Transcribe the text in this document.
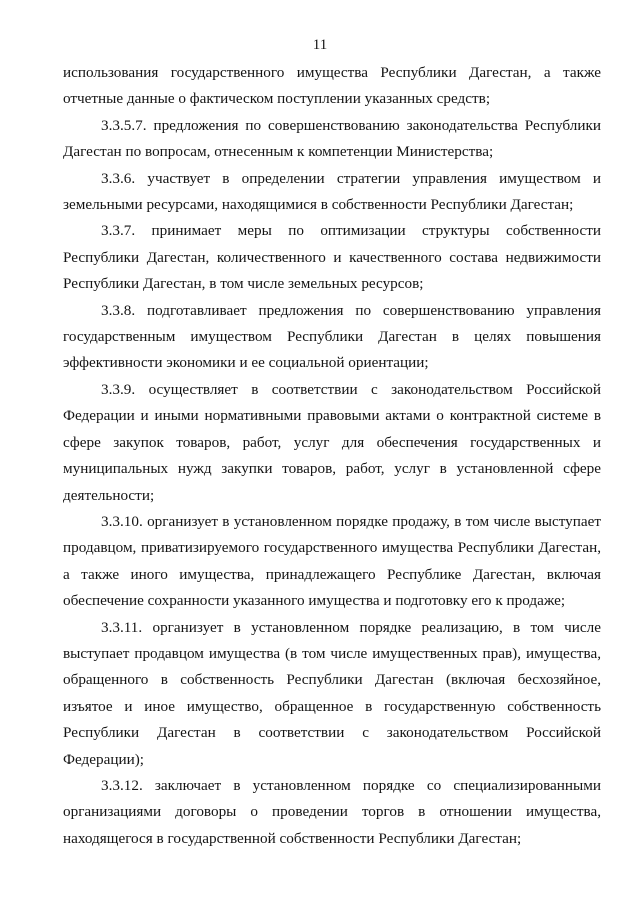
11

использования государственного имущества Республики Дагестан, а также отчетные данные о фактическом поступлении указанных средств;

3.3.5.7. предложения по совершенствованию законодательства Республики Дагестан по вопросам, отнесенным к компетенции Министерства;

3.3.6. участвует в определении стратегии управления имуществом и земельными ресурсами, находящимися в собственности Республики Дагестан;

3.3.7. принимает меры по оптимизации структуры собственности Республики Дагестан, количественного и качественного состава недвижимости Республики Дагестан, в том числе земельных ресурсов;

3.3.8. подготавливает предложения по совершенствованию управления государственным имуществом Республики Дагестан в целях повышения эффективности экономики и ее социальной ориентации;

3.3.9. осуществляет в соответствии с законодательством Российской Федерации и иными нормативными правовыми актами о контрактной системе в сфере закупок товаров, работ, услуг для обеспечения государственных и муниципальных нужд закупки товаров, работ, услуг в установленной сфере деятельности;

3.3.10. организует в установленном порядке продажу, в том числе выступает продавцом, приватизируемого государственного имущества Республики Дагестан, а также иного имущества, принадлежащего Республике Дагестан, включая обеспечение сохранности указанного имущества и подготовку его к продаже;

3.3.11. организует в установленном порядке реализацию, в том числе выступает продавцом имущества (в том числе имущественных прав), имущества, обращенного в собственность Республики Дагестан (включая бесхозяйное, изъятое и иное имущество, обращенное в государственную собственность Республики Дагестан в соответствии с законодательством Российской Федерации);

3.3.12. заключает в установленном порядке со специализированными организациями договоры о проведении торгов в отношении имущества, находящегося в государственной собственности Республики Дагестан;
